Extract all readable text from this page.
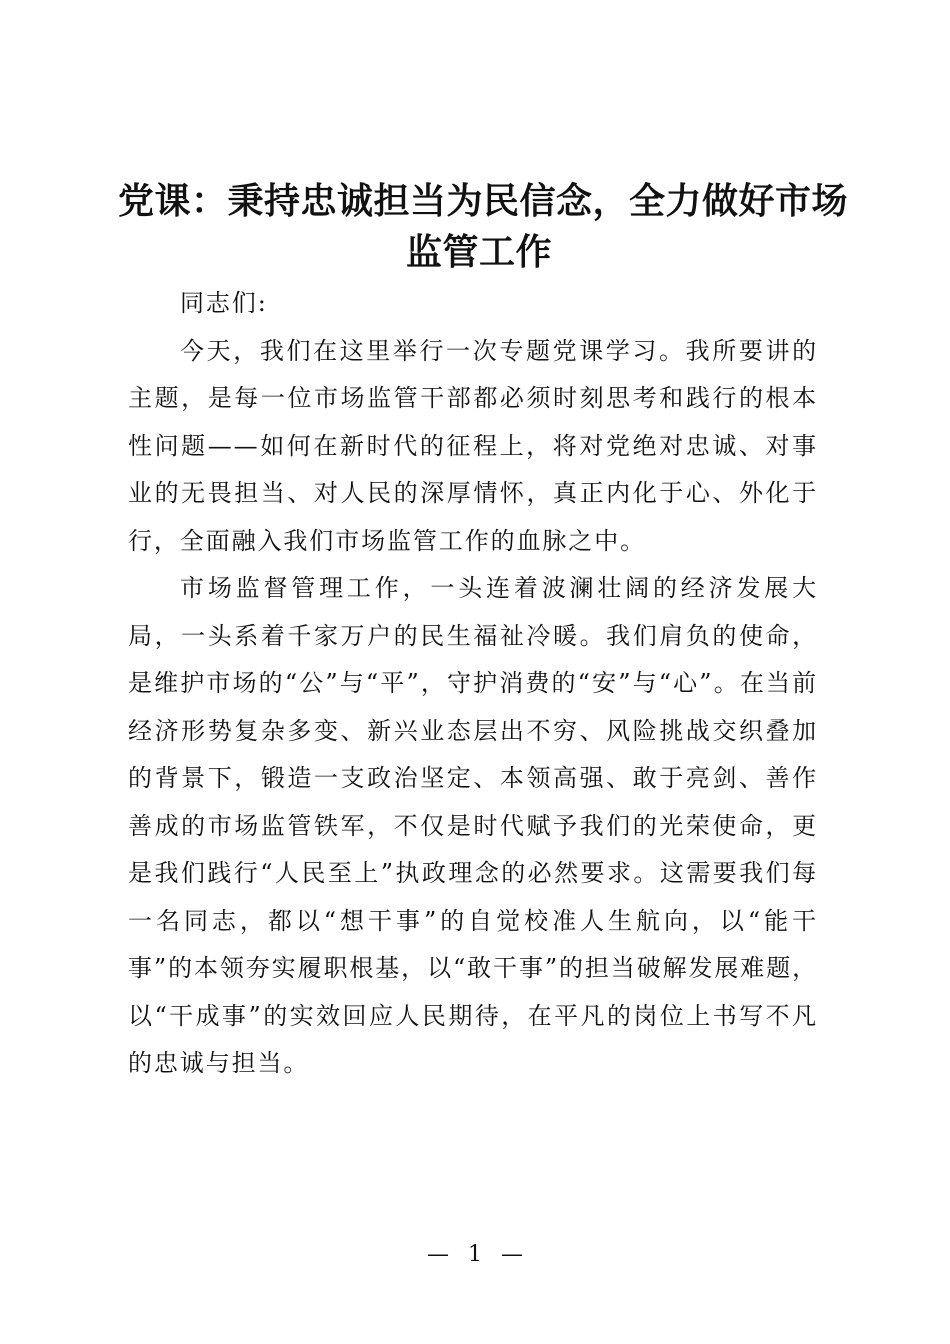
党课：秉持忠诚担当为民信念，全力做好市场
监管工作

同志们:

今天，我们在这里举行一次专题党课学习。我所要讲的主题，是每一位市场监管干部都必须时刻思考和践行的根本性问题——如何在新时代的征程上，将对党绝对忠诚、对事业的无畏担当、对人民的深厚情怀，真正内化于心、外化于行，全面融入我们市场监管工作的血脉之中。

市场监督管理工作，一头连着波澜壮阔的经济发展大局，一头系着千家万户的民生福祉冷暖。我们肩负的使命，是维护市场的“公”与“平”，守护消费的“安”与“心”。在当前经济形势复杂多变、新兴业态层出不穷、风险挑战交织叠加的背景下，锻造一支政治坚定、本领高强、敢于亮剑、善作善成的市场监管铁军，不仅是时代赋予我们的光荣使命，更是我们践行“人民至上”执政理念的必然要求。这需要我们每一名同志，都以“想干事”的自觉校准人生航向，以“能干事”的本领夯实履职根基，以“敢干事”的担当破解发展难题，以“干成事”的实效回应人民期待，在平凡的岗位上书写不凡的忠诚与担当。

— 1 —
